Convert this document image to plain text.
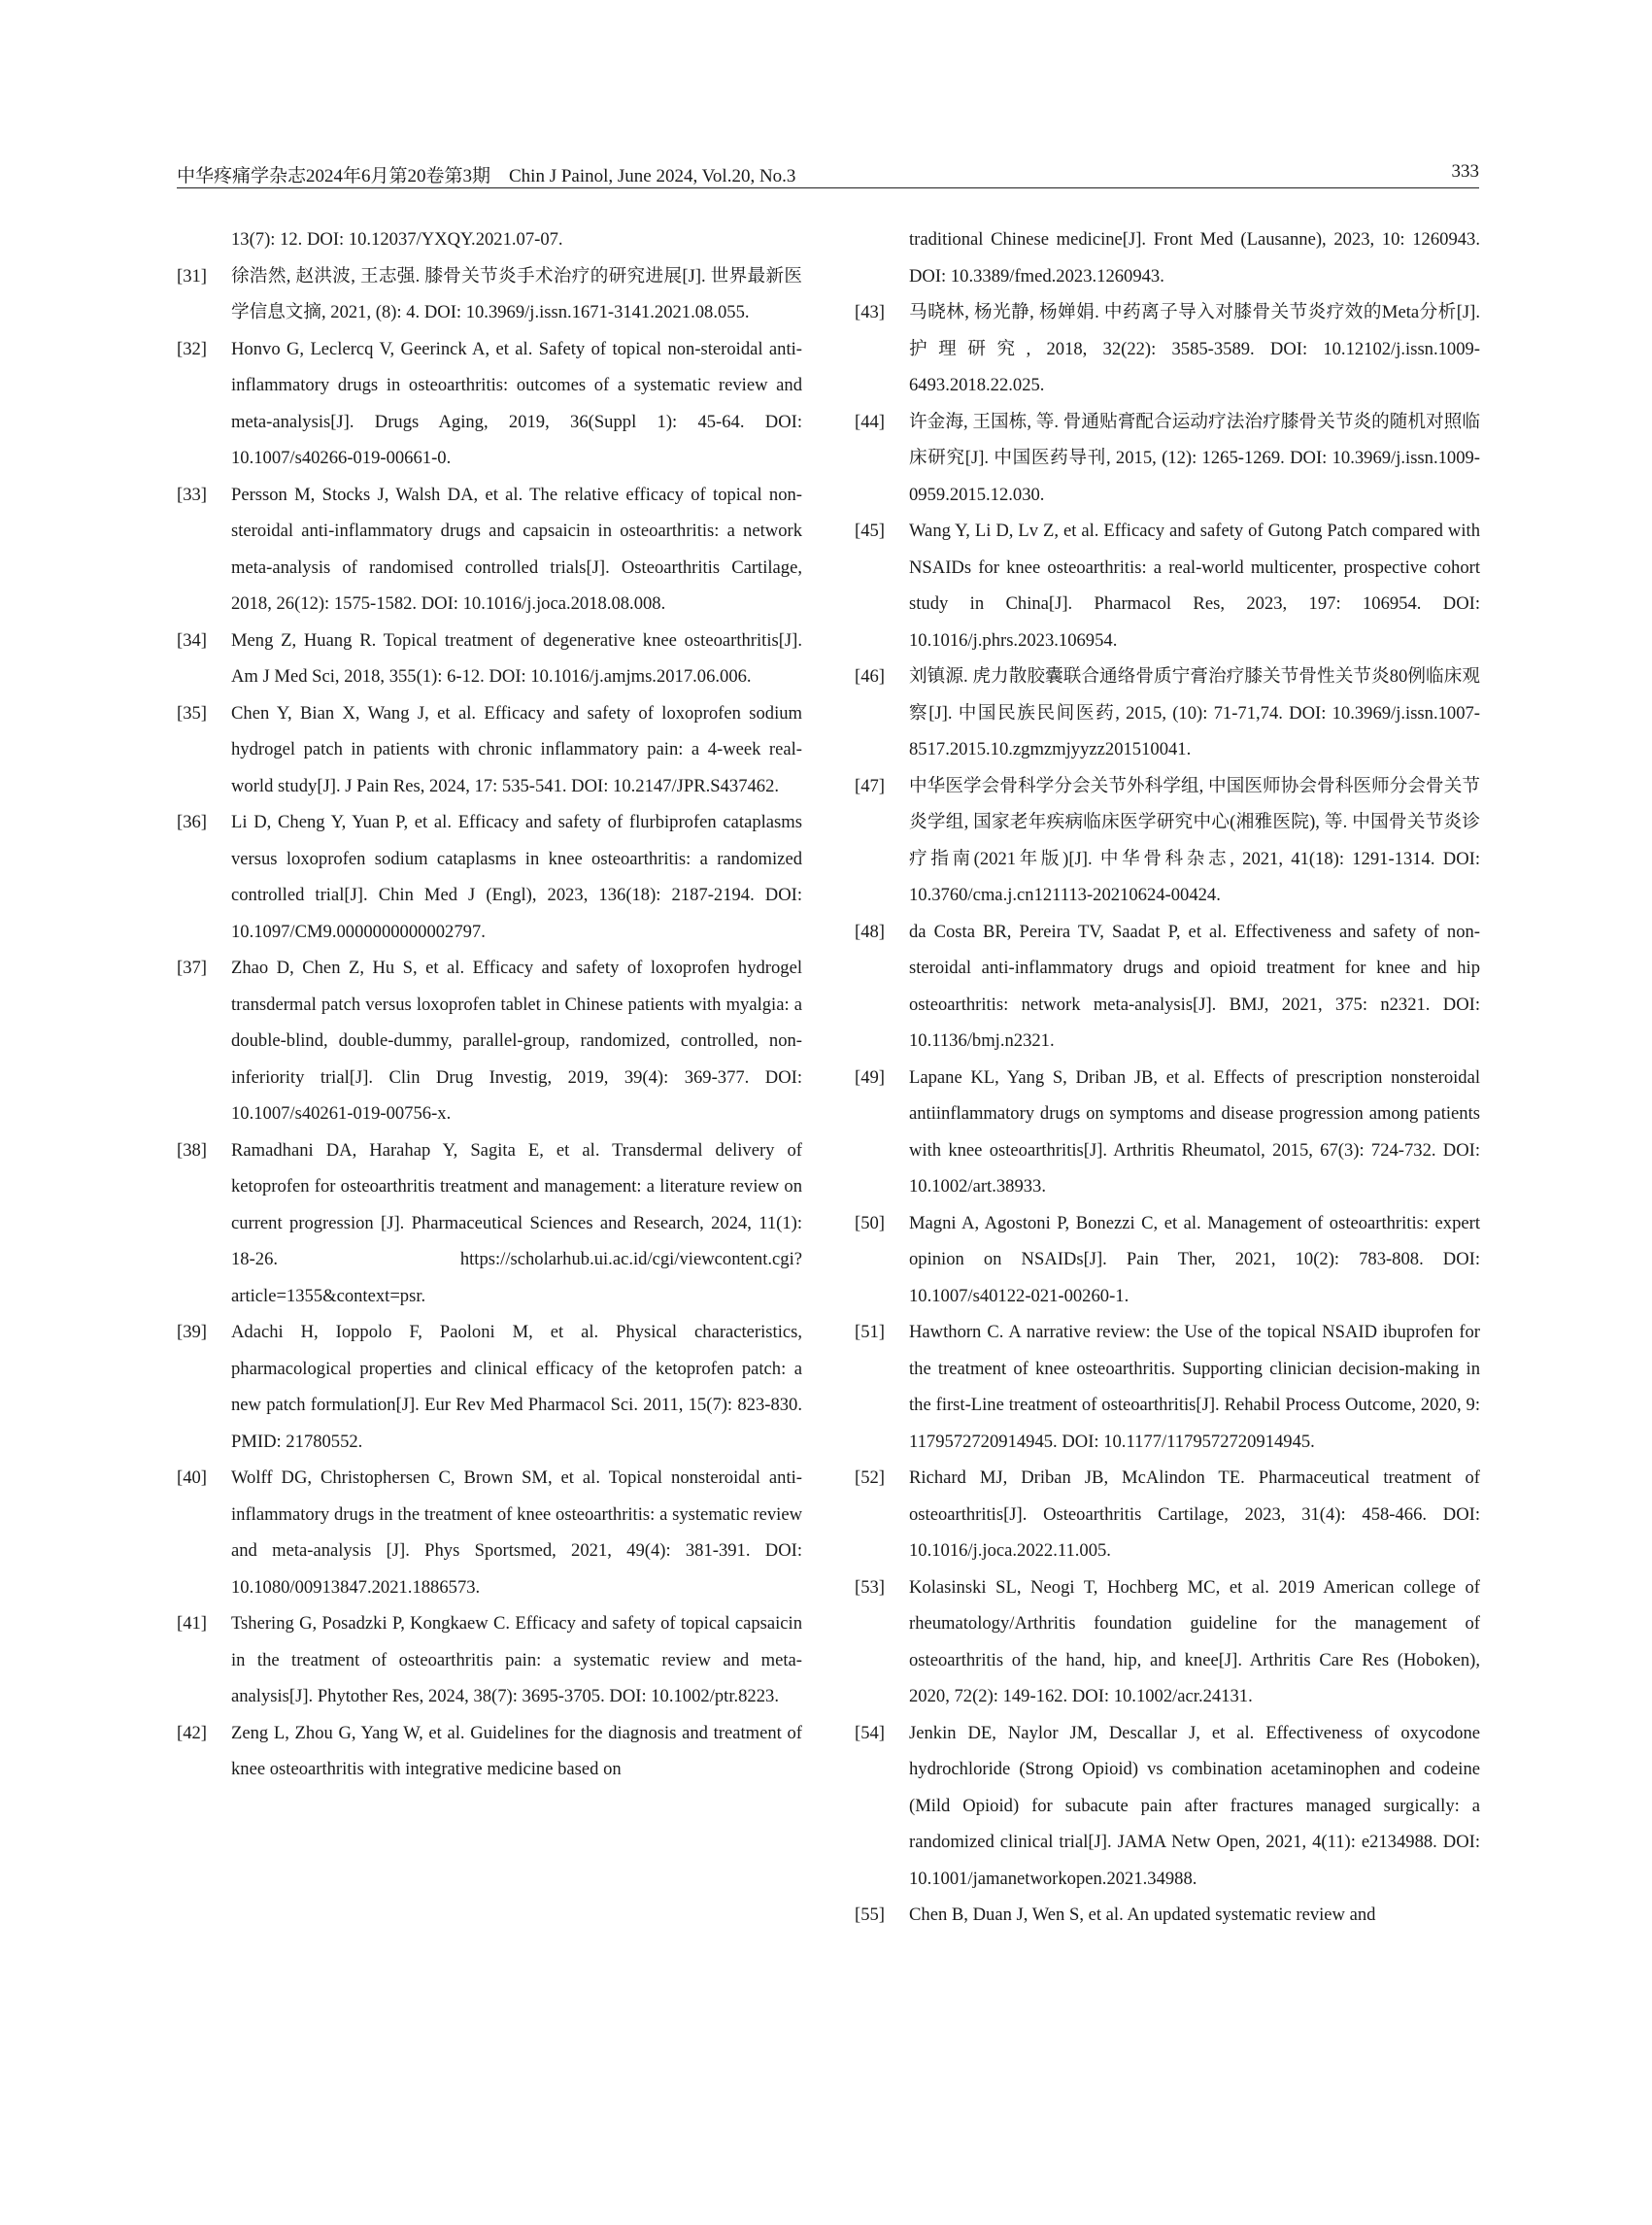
中华疼痛学杂志2024年6月第20卷第3期　Chin J Painol, June 2024, Vol.20, No.3	333
13(7): 12. DOI: 10.12037/YXQY.2021.07-07.
[31]	徐浩然, 赵洪波, 王志强. 膝骨关节炎手术治疗的研究进展[J]. 世界最新医学信息文摘, 2021, (8): 4. DOI: 10.3969/j.issn.1671-3141.2021.08.055.
[32]	Honvo G, Leclercq V, Geerinck A, et al. Safety of topical non-steroidal anti-inflammatory drugs in osteoarthritis: outcomes of a systematic review and meta-analysis[J]. Drugs Aging, 2019, 36(Suppl 1): 45-64. DOI: 10.1007/s40266-019-00661-0.
[33]	Persson M, Stocks J, Walsh DA, et al. The relative efficacy of topical non-steroidal anti-inflammatory drugs and capsaicin in osteoarthritis: a network meta-analysis of randomised controlled trials[J]. Osteoarthritis Cartilage, 2018, 26(12): 1575-1582. DOI: 10.1016/j.joca.2018.08.008.
[34]	Meng Z, Huang R. Topical treatment of degenerative knee osteoarthritis[J]. Am J Med Sci, 2018, 355(1): 6-12. DOI: 10.1016/j.amjms.2017.06.006.
[35]	Chen Y, Bian X, Wang J, et al. Efficacy and safety of loxoprofen sodium hydrogel patch in patients with chronic inflammatory pain: a 4-week real-world study[J]. J Pain Res, 2024, 17: 535-541. DOI: 10.2147/JPR.S437462.
[36]	Li D, Cheng Y, Yuan P, et al. Efficacy and safety of flurbiprofen cataplasms versus loxoprofen sodium cataplasms in knee osteoarthritis: a randomized controlled trial[J]. Chin Med J (Engl), 2023, 136(18): 2187-2194. DOI: 10.1097/CM9.0000000000002797.
[37]	Zhao D, Chen Z, Hu S, et al. Efficacy and safety of loxoprofen hydrogel transdermal patch versus loxoprofen tablet in Chinese patients with myalgia: a double-blind, double-dummy, parallel-group, randomized, controlled, non-inferiority trial[J]. Clin Drug Investig, 2019, 39(4): 369-377. DOI: 10.1007/s40261-019-00756-x.
[38]	Ramadhani DA, Harahap Y, Sagita E, et al. Transdermal delivery of ketoprofen for osteoarthritis treatment and management: a literature review on current progression [J]. Pharmaceutical Sciences and Research, 2024, 11(1): 18-26. https://scholarhub.ui.ac.id/cgi/viewcontent.cgi?article=1355&context=psr.
[39]	Adachi H, Ioppolo F, Paoloni M, et al. Physical characteristics, pharmacological properties and clinical efficacy of the ketoprofen patch: a new patch formulation[J]. Eur Rev Med Pharmacol Sci. 2011, 15(7): 823-830. PMID: 21780552.
[40]	Wolff DG, Christophersen C, Brown SM, et al. Topical nonsteroidal anti-inflammatory drugs in the treatment of knee osteoarthritis: a systematic review and meta-analysis [J]. Phys Sportsmed, 2021, 49(4): 381-391. DOI: 10.1080/00913847.2021.1886573.
[41]	Tshering G, Posadzki P, Kongkaew C. Efficacy and safety of topical capsaicin in the treatment of osteoarthritis pain: a systematic review and meta-analysis[J]. Phytother Res, 2024, 38(7): 3695-3705. DOI: 10.1002/ptr.8223.
[42]	Zeng L, Zhou G, Yang W, et al. Guidelines for the diagnosis and treatment of knee osteoarthritis with integrative medicine based on
traditional Chinese medicine[J]. Front Med (Lausanne), 2023, 10: 1260943. DOI: 10.3389/fmed.2023.1260943.
[43]	马晓林, 杨光静, 杨婵娟. 中药离子导入对膝骨关节炎疗效的Meta分析[J]. 护理研究, 2018, 32(22): 3585-3589. DOI: 10.12102/j.issn.1009-6493.2018.22.025.
[44]	许金海, 王国栋, 等. 骨通贴膏配合运动疗法治疗膝骨关节炎的随机对照临床研究[J]. 中国医药导刊, 2015, (12): 1265-1269. DOI: 10.3969/j.issn.1009-0959.2015.12.030.
[45]	Wang Y, Li D, Lv Z, et al. Efficacy and safety of Gutong Patch compared with NSAIDs for knee osteoarthritis: a real-world multicenter, prospective cohort study in China[J]. Pharmacol Res, 2023, 197: 106954. DOI: 10.1016/j.phrs.2023.106954.
[46]	刘镇源. 虎力散胶囊联合通络骨质宁膏治疗膝关节骨性关节炎80例临床观察[J]. 中国民族民间医药, 2015, (10): 71-71,74. DOI: 10.3969/j.issn.1007-8517.2015.10.zgmzmjyyzz201510041.
[47]	中华医学会骨科学分会关节外科学组, 中国医师协会骨科医师分会骨关节炎学组, 国家老年疾病临床医学研究中心(湘雅医院), 等. 中国骨关节炎诊疗指南(2021年版)[J]. 中华骨科杂志, 2021, 41(18): 1291-1314. DOI: 10.3760/cma.j.cn121113-20210624-00424.
[48]	da Costa BR, Pereira TV, Saadat P, et al. Effectiveness and safety of non-steroidal anti-inflammatory drugs and opioid treatment for knee and hip osteoarthritis: network meta-analysis[J]. BMJ, 2021, 375: n2321. DOI: 10.1136/bmj.n2321.
[49]	Lapane KL, Yang S, Driban JB, et al. Effects of prescription nonsteroidal antiinflammatory drugs on symptoms and disease progression among patients with knee osteoarthritis[J]. Arthritis Rheumatol, 2015, 67(3): 724-732. DOI: 10.1002/art.38933.
[50]	Magni A, Agostoni P, Bonezzi C, et al. Management of osteoarthritis: expert opinion on NSAIDs[J]. Pain Ther, 2021, 10(2): 783-808. DOI: 10.1007/s40122-021-00260-1.
[51]	Hawthorn C. A narrative review: the Use of the topical NSAID ibuprofen for the treatment of knee osteoarthritis. Supporting clinician decision-making in the first-Line treatment of osteoarthritis[J]. Rehabil Process Outcome, 2020, 9: 1179572720914945. DOI: 10.1177/1179572720914945.
[52]	Richard MJ, Driban JB, McAlindon TE. Pharmaceutical treatment of osteoarthritis[J]. Osteoarthritis Cartilage, 2023, 31(4): 458-466. DOI: 10.1016/j.joca.2022.11.005.
[53]	Kolasinski SL, Neogi T, Hochberg MC, et al. 2019 American college of rheumatology/Arthritis foundation guideline for the management of osteoarthritis of the hand, hip, and knee[J]. Arthritis Care Res (Hoboken), 2020, 72(2): 149-162. DOI: 10.1002/acr.24131.
[54]	Jenkin DE, Naylor JM, Descallar J, et al. Effectiveness of oxycodone hydrochloride (Strong Opioid) vs combination acetaminophen and codeine (Mild Opioid) for subacute pain after fractures managed surgically: a randomized clinical trial[J]. JAMA Netw Open, 2021, 4(11): e2134988. DOI: 10.1001/jamanetworkopen.2021.34988.
[55]	Chen B, Duan J, Wen S, et al. An updated systematic review and
